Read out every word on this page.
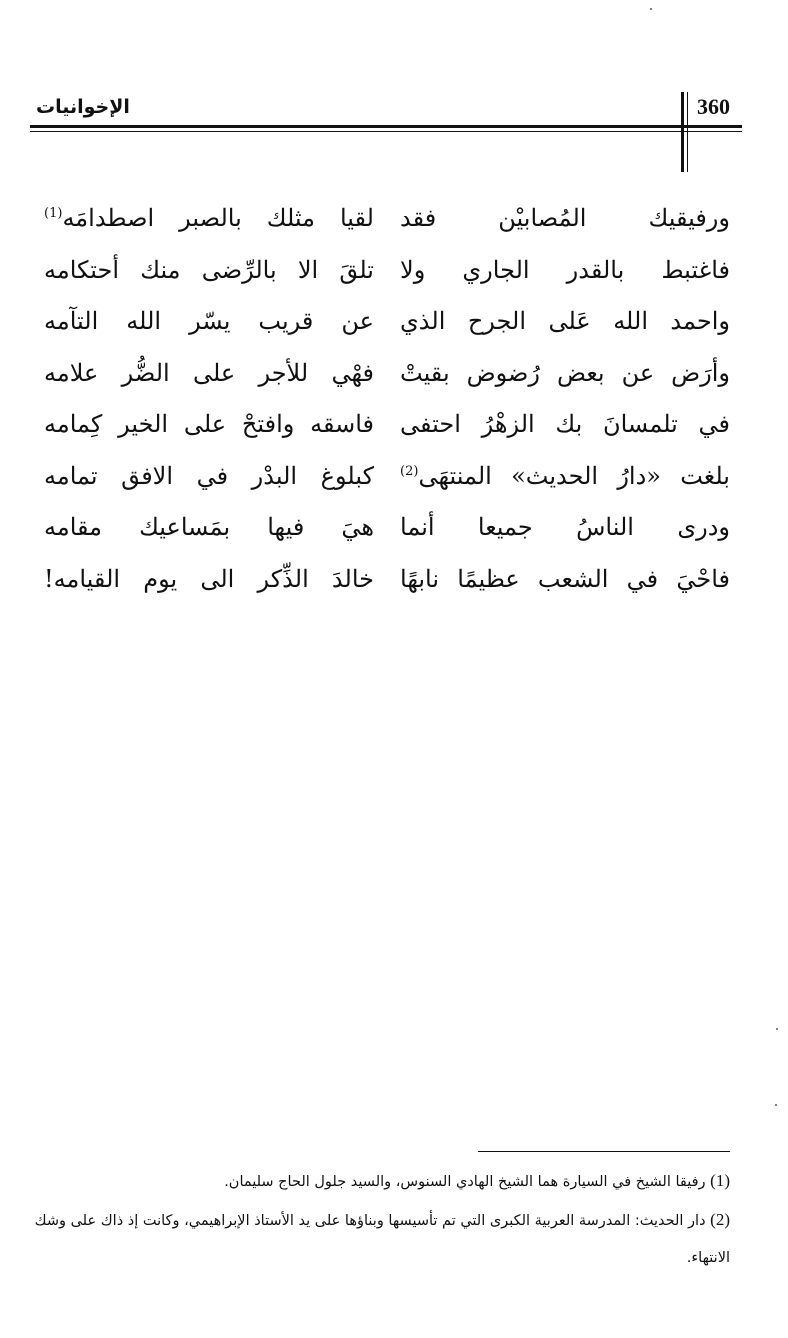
360
الإخوانيات
ورفيقيك المُصابيْن فقد
لقيا مثلك بالصبر اصطدامَه$^{(1)}$
فاغتبط بالقدر الجاري ولا
تلقَ الا بالرِّضى منك أحتكامه
واحمد الله عَلى الجرح الذي
عن قريب يسّر الله التآمه
وأرَض عن بعض رُضوض بقيتْ
فهْي للأجر على الضُّر علامه
في تلمسانَ بك الزهْرُ احتفى
فاسقه وافتحْ على الخير كِمامه
بلغت «دارُ الحديث» المنتهَى$^{(2)}$
كبلوغ البدْر في الافق تمامه
ودرى الناسُ جميعا أنما
هيَ فيها بمَساعيك مقامه
فاحْيَ في الشعب عظيمًا نابهًا
خالدَ الذِّكر الى يوم القيامه!
(1) رفيقا الشيخ في السيارة هما الشيخ الهادي السنوس، والسيد جلول الحاج سليمان.
(2) دار الحديث: المدرسة العربية الكبرى التي تم تأسيسها وبناؤها على يد الأستاذ الإبراهيمي، وكانت إذ ذاك على وشك الانتهاء.
